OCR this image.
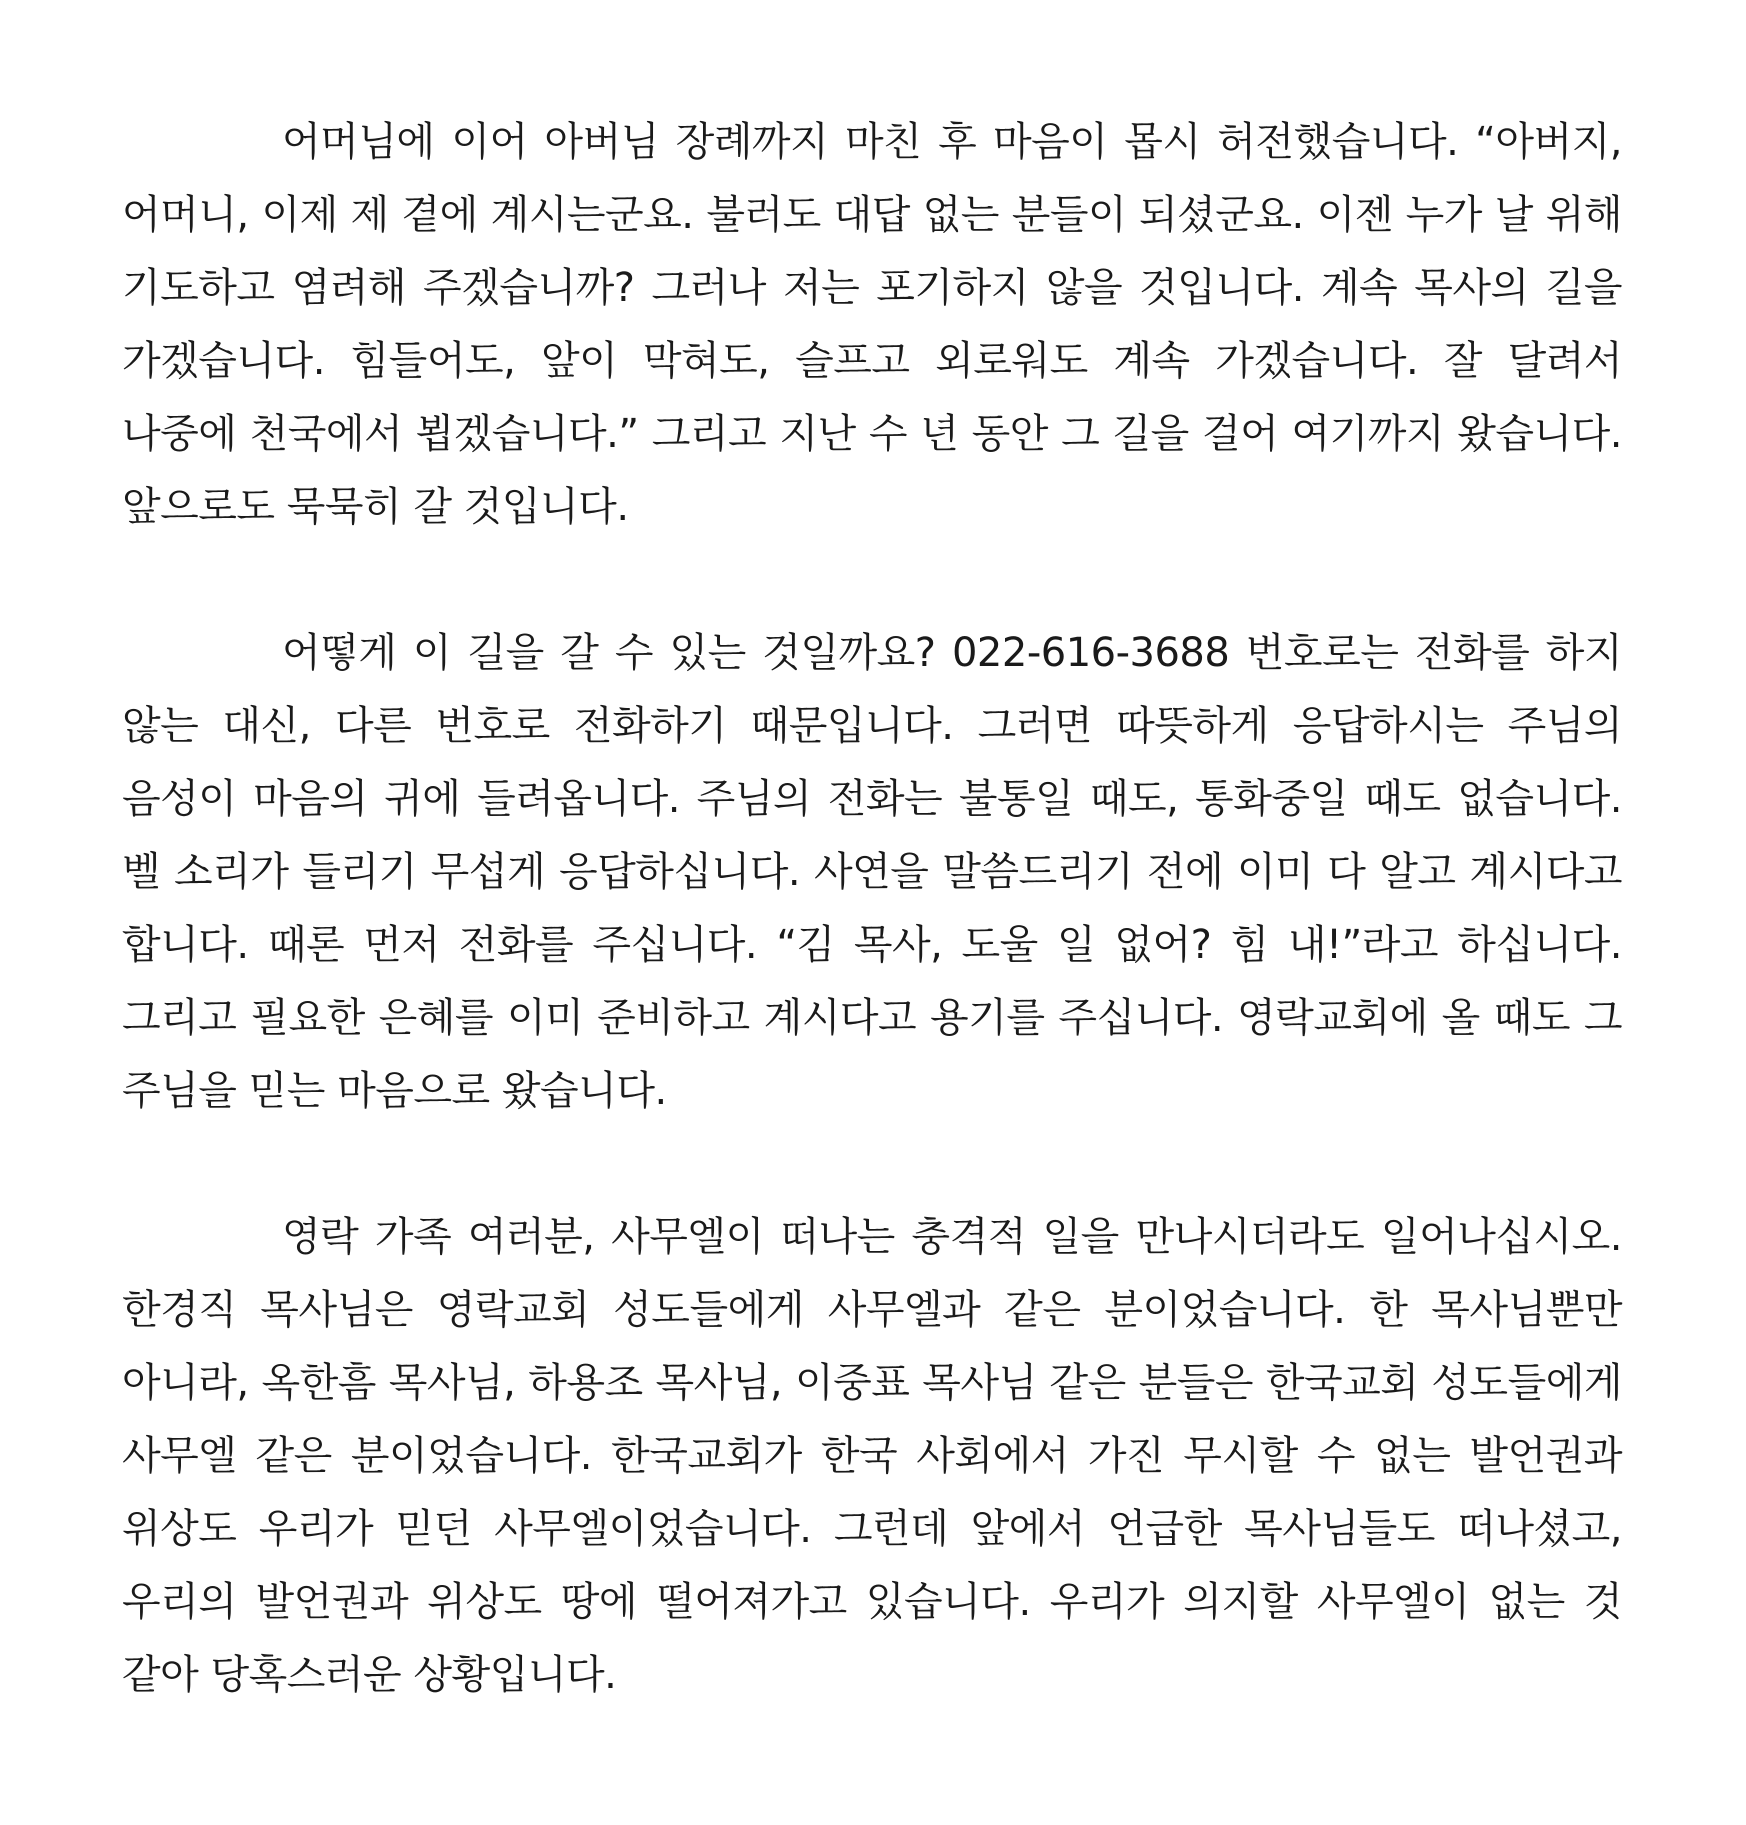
어머님에 이어 아버님 장례까지 마친 후 마음이 몹시 허전했습니다. “아버지, 어머니, 이제 제 곁에 계시는군요. 불러도 대답 없는 분들이 되셨군요. 이젠 누가 날 위해 기도하고 염려해 주겠습니까? 그러나 저는 포기하지 않을 것입니다. 계속 목사의 길을 가겠습니다. 힘들어도, 앞이 막혀도, 슬프고 외로워도 계속 가겠습니다. 잘 달려서 나중에 천국에서 뵙겠습니다.” 그리고 지난 수 년 동안 그 길을 걸어 여기까지 왔습니다. 앞으로도 묵묵히 갈 것입니다.

어떻게 이 길을 갈 수 있는 것일까요? 022-616-3688 번호로는 전화를 하지 않는 대신, 다른 번호로 전화하기 때문입니다. 그러면 따뜻하게 응답하시는 주님의 음성이 마음의 귀에 들려옵니다. 주님의 전화는 불통일 때도, 통화중일 때도 없습니다. 벨 소리가 들리기 무섭게 응답하십니다. 사연을 말씀드리기 전에 이미 다 알고 계시다고 합니다. 때론 먼저 전화를 주십니다. “김 목사, 도울 일 없어? 힘 내!”라고 하십니다. 그리고 필요한 은혜를 이미 준비하고 계시다고 용기를 주십니다. 영락교회에 올 때도 그 주님을 믿는 마음으로 왔습니다.

영락 가족 여러분, 사무엘이 떠나는 충격적 일을 만나시더라도 일어나십시오. 한경직 목사님은 영락교회 성도들에게 사무엘과 같은 분이었습니다. 한 목사님뿐만 아니라, 옥한흠 목사님, 하용조 목사님, 이중표 목사님 같은 분들은 한국교회 성도들에게 사무엘 같은 분이었습니다. 한국교회가 한국 사회에서 가진 무시할 수 없는 발언권과 위상도 우리가 믿던 사무엘이었습니다. 그런데 앞에서 언급한 목사님들도 떠나셨고, 우리의 발언권과 위상도 땅에 떨어져가고 있습니다. 우리가 의지할 사무엘이 없는 것 같아 당혹스러운 상황입니다.
